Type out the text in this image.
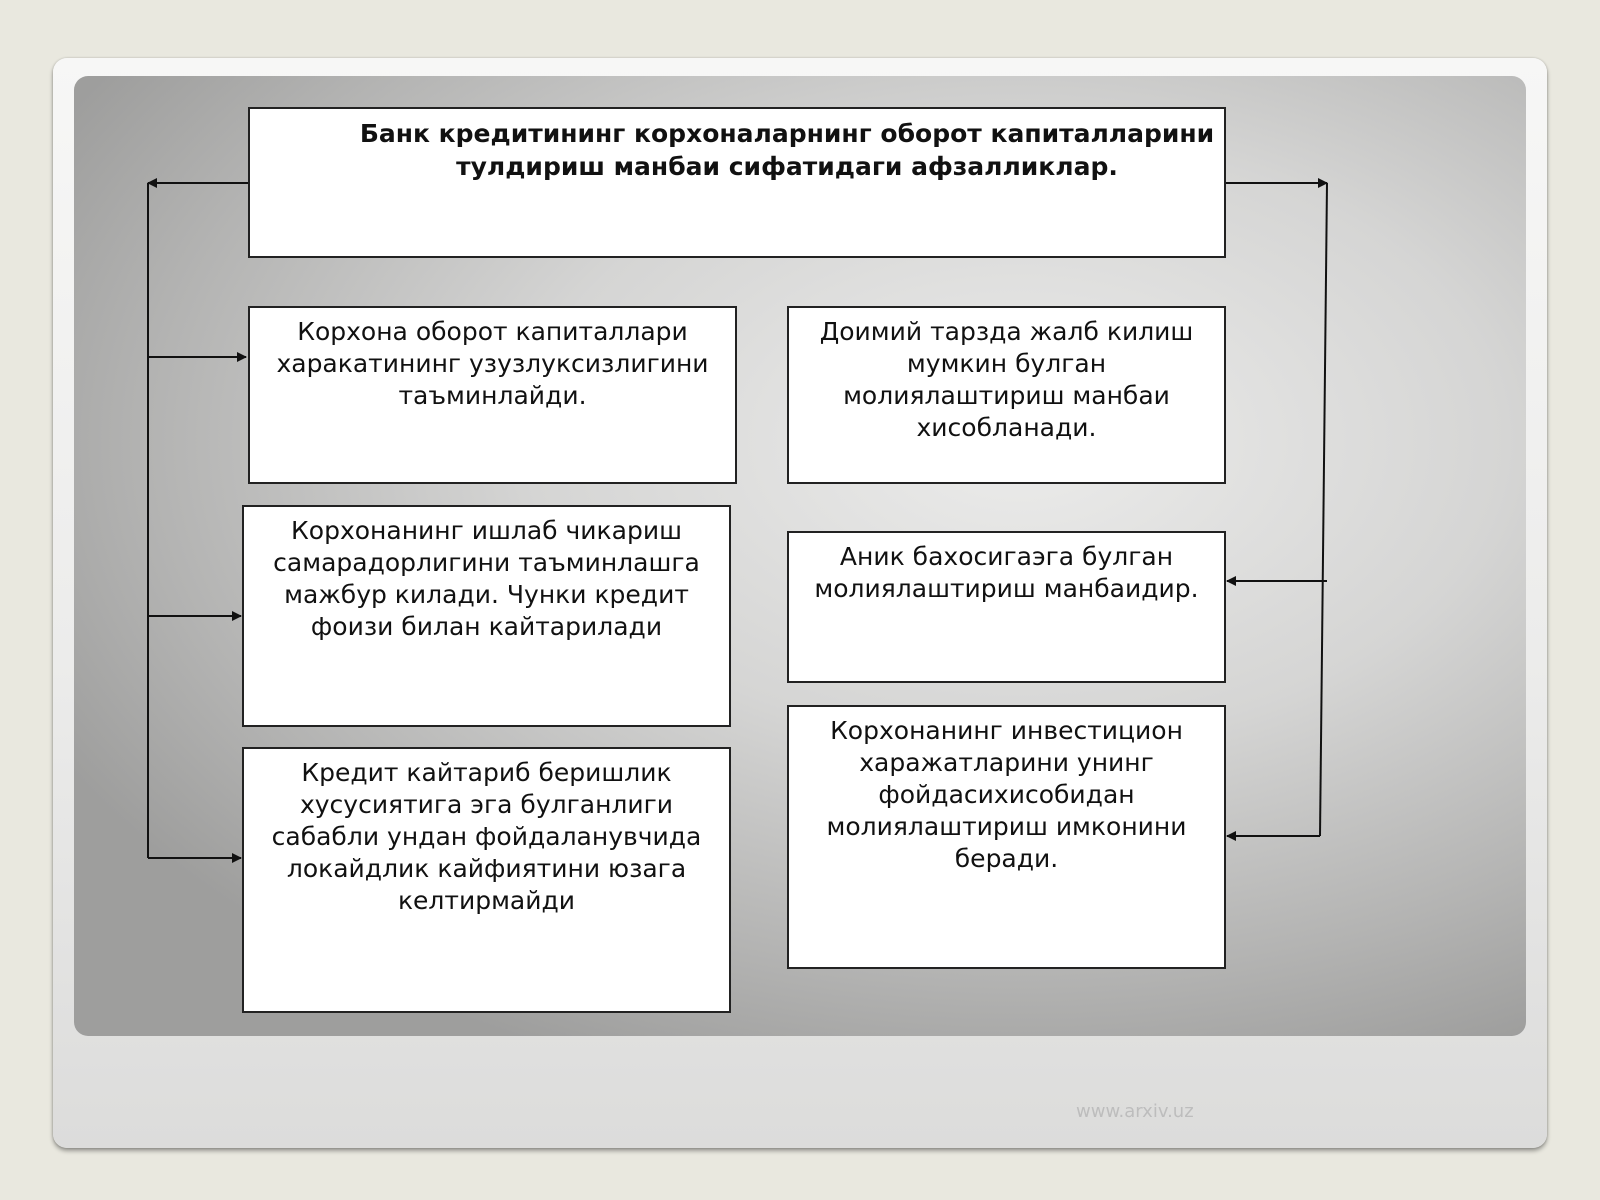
Банк кредитининг корхоналарнинг оборот капиталларини тулдириш манбаи сифатидаги афзалликлар.
Корхона оборот капиталлари харакатининг узузлуксизлигини таъминлайди.
Корхонанинг ишлаб чикариш самарадорлигини таъминлашга мажбур килади. Чунки кредит фоизи билан кайтарилади
Кредит кайтариб беришлик хусусиятига эга булганлиги сабабли ундан фойдаланувчида локайдлик кайфиятини юзага келтирмайди
Доимий тарзда жалб килиш мумкин булган молиялаштириш манбаи хисобланади.
Аник бахосигаэга булган молиялаштириш манбаидир.
Корхонанинг инвестицион харажатларини унинг фойдасихисобидан молиялаштириш имконини беради.
www.arxiv.uz
